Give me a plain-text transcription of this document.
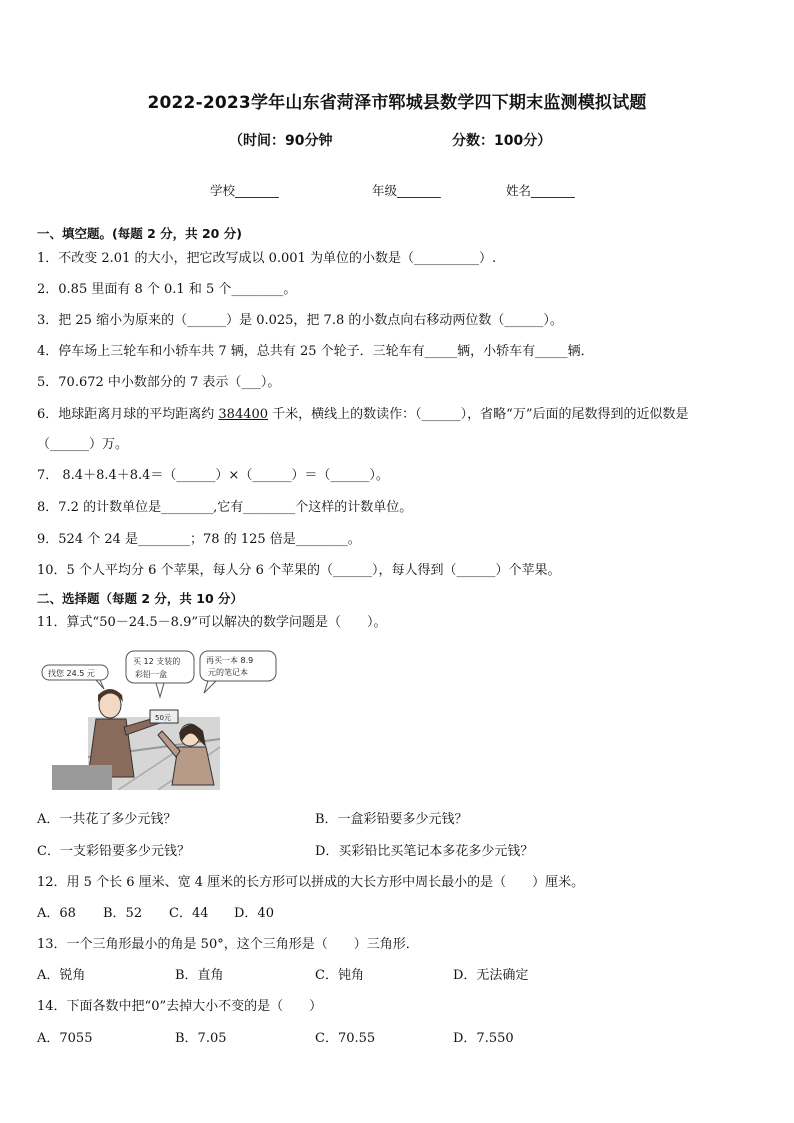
2022-2023学年山东省菏泽市郓城县数学四下期末监测模拟试题
（时间：90分钟	分数：100分）
学校_______	年级_______	姓名_______
一、填空题。(每题 2 分，共 20 分)
1．不改变 2.01 的大小，把它改写成以 0.001 为单位的小数是（__________）.
2．0.85 里面有 8 个 0.1 和 5 个________。
3．把 25 缩小为原来的（______）是 0.025，把 7.8 的小数点向右移动两位数（______）。
4．停车场上三轮车和小轿车共 7 辆，总共有 25 个轮子．三轮车有_____辆，小轿车有_____辆．
5．70.672 中小数部分的 7 表示（___）。
6．地球距离月球的平均距离约 384400 千米，横线上的数读作：（______），省略“万”后面的尾数得到的近似数是
（______）万。
7． 8.4＋8.4＋8.4＝（______）×（______）＝（______）。
8．7.2 的计数单位是________,它有________个这样的计数单位。
9．524 个 24 是________；78 的 125 倍是________。
10．5 个人平均分 6 个苹果，每人分 6 个苹果的（______），每人得到（______）个苹果。
二、选择题（每题 2 分，共 10 分）
11．算式“50－24.5－8.9”可以解决的数学问题是（　　）。
找您 24.5 元
买 12 支装的
彩铅一盒
再买一本 8.9
元的笔记本
50元
A．一共花了多少元钱？	B．一盒彩铅要多少元钱？
C．一支彩铅要多少元钱？	D．买彩铅比买笔记本多花多少元钱？
12．用 5 个长 6 厘米、宽 4 厘米的长方形可以拼成的大长方形中周长最小的是（　　）厘米。
A．68 B．52 C．44 D．40
13．一个三角形最小的角是 50°，这个三角形是（　　）三角形．
A．锐角	B．直角	C．钝角	D．无法确定
14．下面各数中把“0”去掉大小不变的是（　　）
A．7055	B．7.05	C．70.55	D．7.550
